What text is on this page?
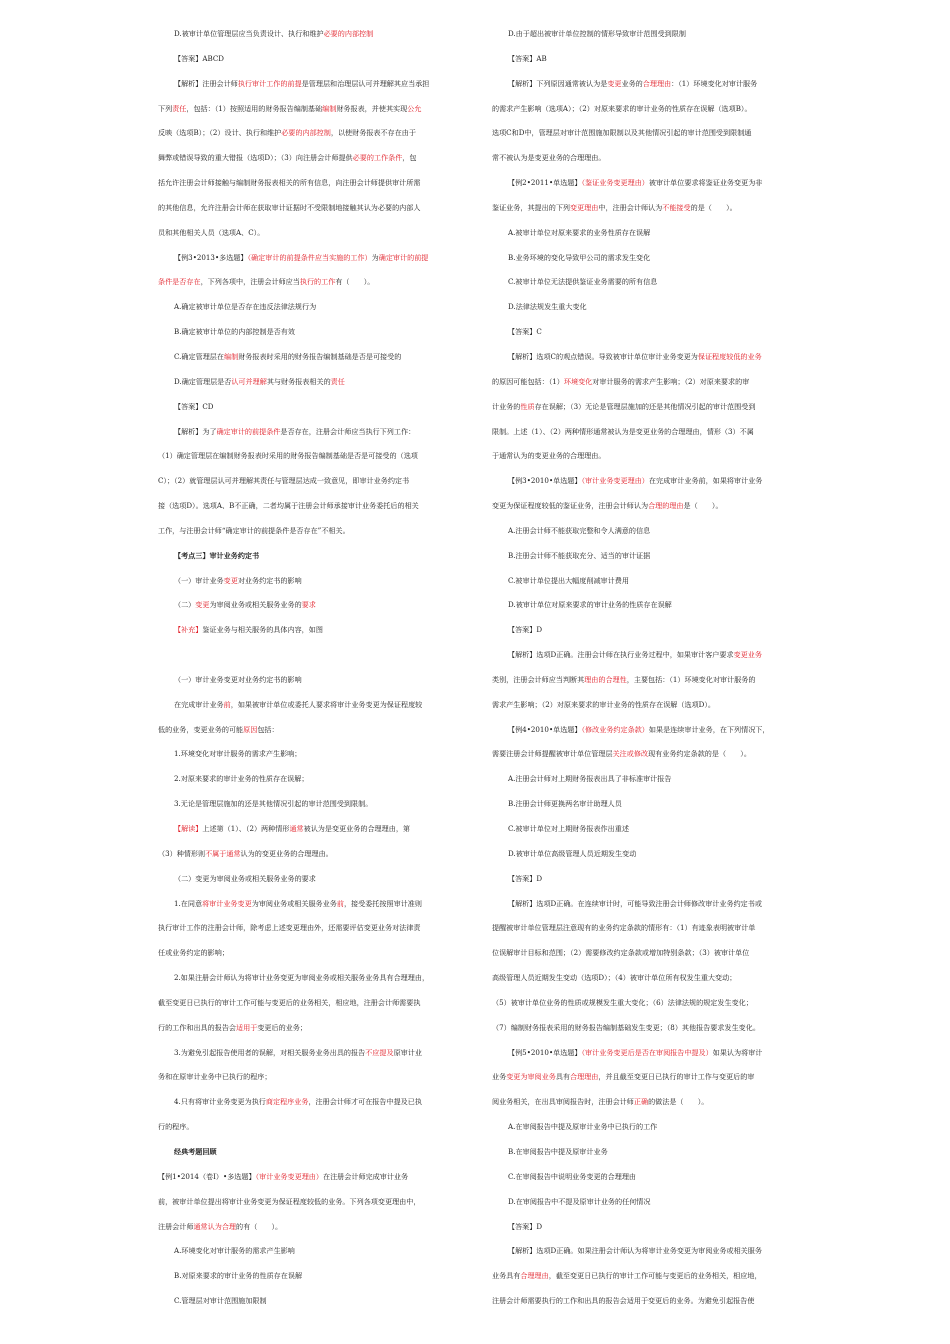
D.被审计单位管理层应当负责设计、执行和维护必要的内部控制
【答案】ABCD
【解析】注册会计师执行审计工作的前提是管理层和治理层认可并理解其应当承担
下列责任，包括：（1）按照适用的财务报告编制基础编制财务报表，并使其实现公允
反映（选项B）；（2）设计、执行和维护必要的内部控制，以使财务报表不存在由于
舞弊或错误导致的重大错报（选项D）；（3）向注册会计师提供必要的工作条件，包
括允许注册会计师接触与编制财务报表相关的所有信息，向注册会计师提供审计所需
的其他信息，允许注册会计师在获取审计证据时不受限制地接触其认为必要的内部人
员和其他相关人员（选项A、C）。
【例3•2013•多选题】（确定审计的前提条件应当实施的工作）为确定审计的前提
条件是否存在，下列各项中，注册会计师应当执行的工作有（　　）。
A.确定被审计单位是否存在违反法律法规行为
B.确定被审计单位的内部控制是否有效
C.确定管理层在编制财务报表时采用的财务报告编制基础是否是可接受的
D.确定管理层是否认可并理解其与财务报表相关的责任
【答案】CD
【解析】为了确定审计的前提条件是否存在，注册会计师应当执行下列工作：
（1）确定管理层在编制财务报表时采用的财务报告编制基础是否是可接受的（选项
C）；（2）就管理层认可并理解其责任与管理层达成一致意见，即审计业务约定书
接（选项D）。选项A、B不正确，二者均属于注册会计师承接审计业务委托后的相关
工作，与注册会计师“确定审计的前提条件是否存在”不相关。
【考点三】审计业务约定书
（一）审计业务变更对业务约定书的影响
（二）变更为审阅业务或相关服务业务的要求
【补充】鉴证业务与相关服务的具体内容，如图
（一）审计业务变更对业务约定书的影响
在完成审计业务前，如果被审计单位或委托人要求将审计业务变更为保证程度较
低的业务，变更业务的可能原因包括：
1.环境变化对审计服务的需求产生影响；
2.对原来要求的审计业务的性质存在误解；
3.无论是管理层施加的还是其他情况引起的审计范围受到限制。
【解读】上述第（1）、（2）两种情形通常被认为是变更业务的合理理由，第
（3）种情形则不属于通常认为的变更业务的合理理由。
（二）变更为审阅业务或相关服务业务的要求
1.在同意将审计业务变更为审阅业务或相关服务业务前，接受委托按照审计准则
执行审计工作的注册会计师，除考虑上述变更理由外，还需要评估变更业务对法律责
任或业务约定的影响；
2.如果注册会计师认为将审计业务变更为审阅业务或相关服务业务具有合理理由，
截至变更日已执行的审计工作可能与变更后的业务相关，相应地，注册会计师需要执
行的工作和出具的报告会适用于变更后的业务；
3.为避免引起报告使用者的误解，对相关服务业务出具的报告不应提及原审计业
务和在原审计业务中已执行的程序；
4.只有将审计业务变更为执行商定程序业务，注册会计师才可在报告中提及已执
行的程序。
经典考题回顾
【例1•2014（卷Ⅰ）•多选题】（审计业务变更理由）在注册会计师完成审计业务
前，被审计单位提出将审计业务变更为保证程度较低的业务。下列各项变更理由中，
注册会计师通常认为合理的有（　　）。
A.环境变化对审计服务的需求产生影响
B.对原来要求的审计业务的性质存在误解
C.管理层对审计范围施加限制
D.由于超出被审计单位控制的情形导致审计范围受到限制
【答案】AB
【解析】下列原因通常被认为是变更业务的合理理由：（1）环境变化对审计服务
的需求产生影响（选项A）；（2）对原来要求的审计业务的性质存在误解（选项B）。
选项C和D中，管理层对审计范围施加限制以及其他情况引起的审计范围受到限制通
常不被认为是变更业务的合理理由。
【例2•2011•单选题】（鉴证业务变更理由）被审计单位要求将鉴证业务变更为非
鉴证业务，其提出的下列变更理由中，注册会计师认为不能接受的是（　　）。
A.被审计单位对原来要求的业务性质存在误解
B.业务环境的变化导致甲公司的需求发生变化
C.被审计单位无法提供鉴证业务需要的所有信息
D.法律法规发生重大变化
【答案】C
【解析】选项C的观点错误。导致被审计单位审计业务变更为保证程度较低的业务
的原因可能包括：（1）环境变化对审计服务的需求产生影响；（2）对原来要求的审
计业务的性质存在误解；（3）无论是管理层施加的还是其他情况引起的审计范围受到
限制。上述（1）、（2）两种情形通常被认为是变更业务的合理理由，情形（3）不属
于通常认为的变更业务的合理理由。
【例3•2010•单选题】（审计业务变更理由）在完成审计业务前，如果将审计业务
变更为保证程度较低的鉴证业务，注册会计师认为合理的理由是（　　）。
A.注册会计师不能获取完整和令人满意的信息
B.注册会计师不能获取充分、适当的审计证据
C.被审计单位提出大幅度削减审计费用
D.被审计单位对原来要求的审计业务的性质存在误解
【答案】D
【解析】选项D正确。注册会计师在执行业务过程中，如果审计客户要求变更业务
类别，注册会计师应当判断其理由的合理性，主要包括：（1）环境变化对审计服务的
需求产生影响；（2）对原来要求的审计业务的性质存在误解（选项D）。
【例4•2010•单选题】（修改业务约定条款）如果是连续审计业务，在下列情况下，
需要注册会计师提醒被审计单位管理层关注或修改现有业务约定条款的是（　　）。
A.注册会计师对上期财务报表出具了非标准审计报告
B.注册会计师更换两名审计助理人员
C.被审计单位对上期财务报表作出重述
D.被审计单位高级管理人员近期发生变动
【答案】D
【解析】选项D正确。在连续审计时，可能导致注册会计师修改审计业务约定书或
提醒被审计单位管理层注意现有的业务约定条款的情形有：（1）有迹象表明被审计单
位误解审计目标和范围；（2）需要修改约定条款或增加特别条款；（3）被审计单位
高级管理人员近期发生变动（选项D）；（4）被审计单位所有权发生重大变动；
（5）被审计单位业务的性质或规模发生重大变化；（6）法律法规的规定发生变化；
（7）编制财务报表采用的财务报告编制基础发生变更；（8）其他报告要求发生变化。
【例5•2010•单选题】（审计业务变更后是否在审阅报告中提及）如果认为将审计
业务变更为审阅业务具有合理理由，并且截至变更日已执行的审计工作与变更后的审
阅业务相关，在出具审阅报告时，注册会计师正确的做法是（　　）。
A.在审阅报告中提及原审计业务中已执行的工作
B.在审阅报告中提及原审计业务
C.在审阅报告中说明业务变更的合理理由
D.在审阅报告中不提及原审计业务的任何情况
【答案】D
【解析】选项D正确。如果注册会计师认为将审计业务变更为审阅业务或相关服务
业务具有合理理由，截至变更日已执行的审计工作可能与变更后的业务相关，相应地，
注册会计师需要执行的工作和出具的报告会适用于变更后的业务。为避免引起报告使
